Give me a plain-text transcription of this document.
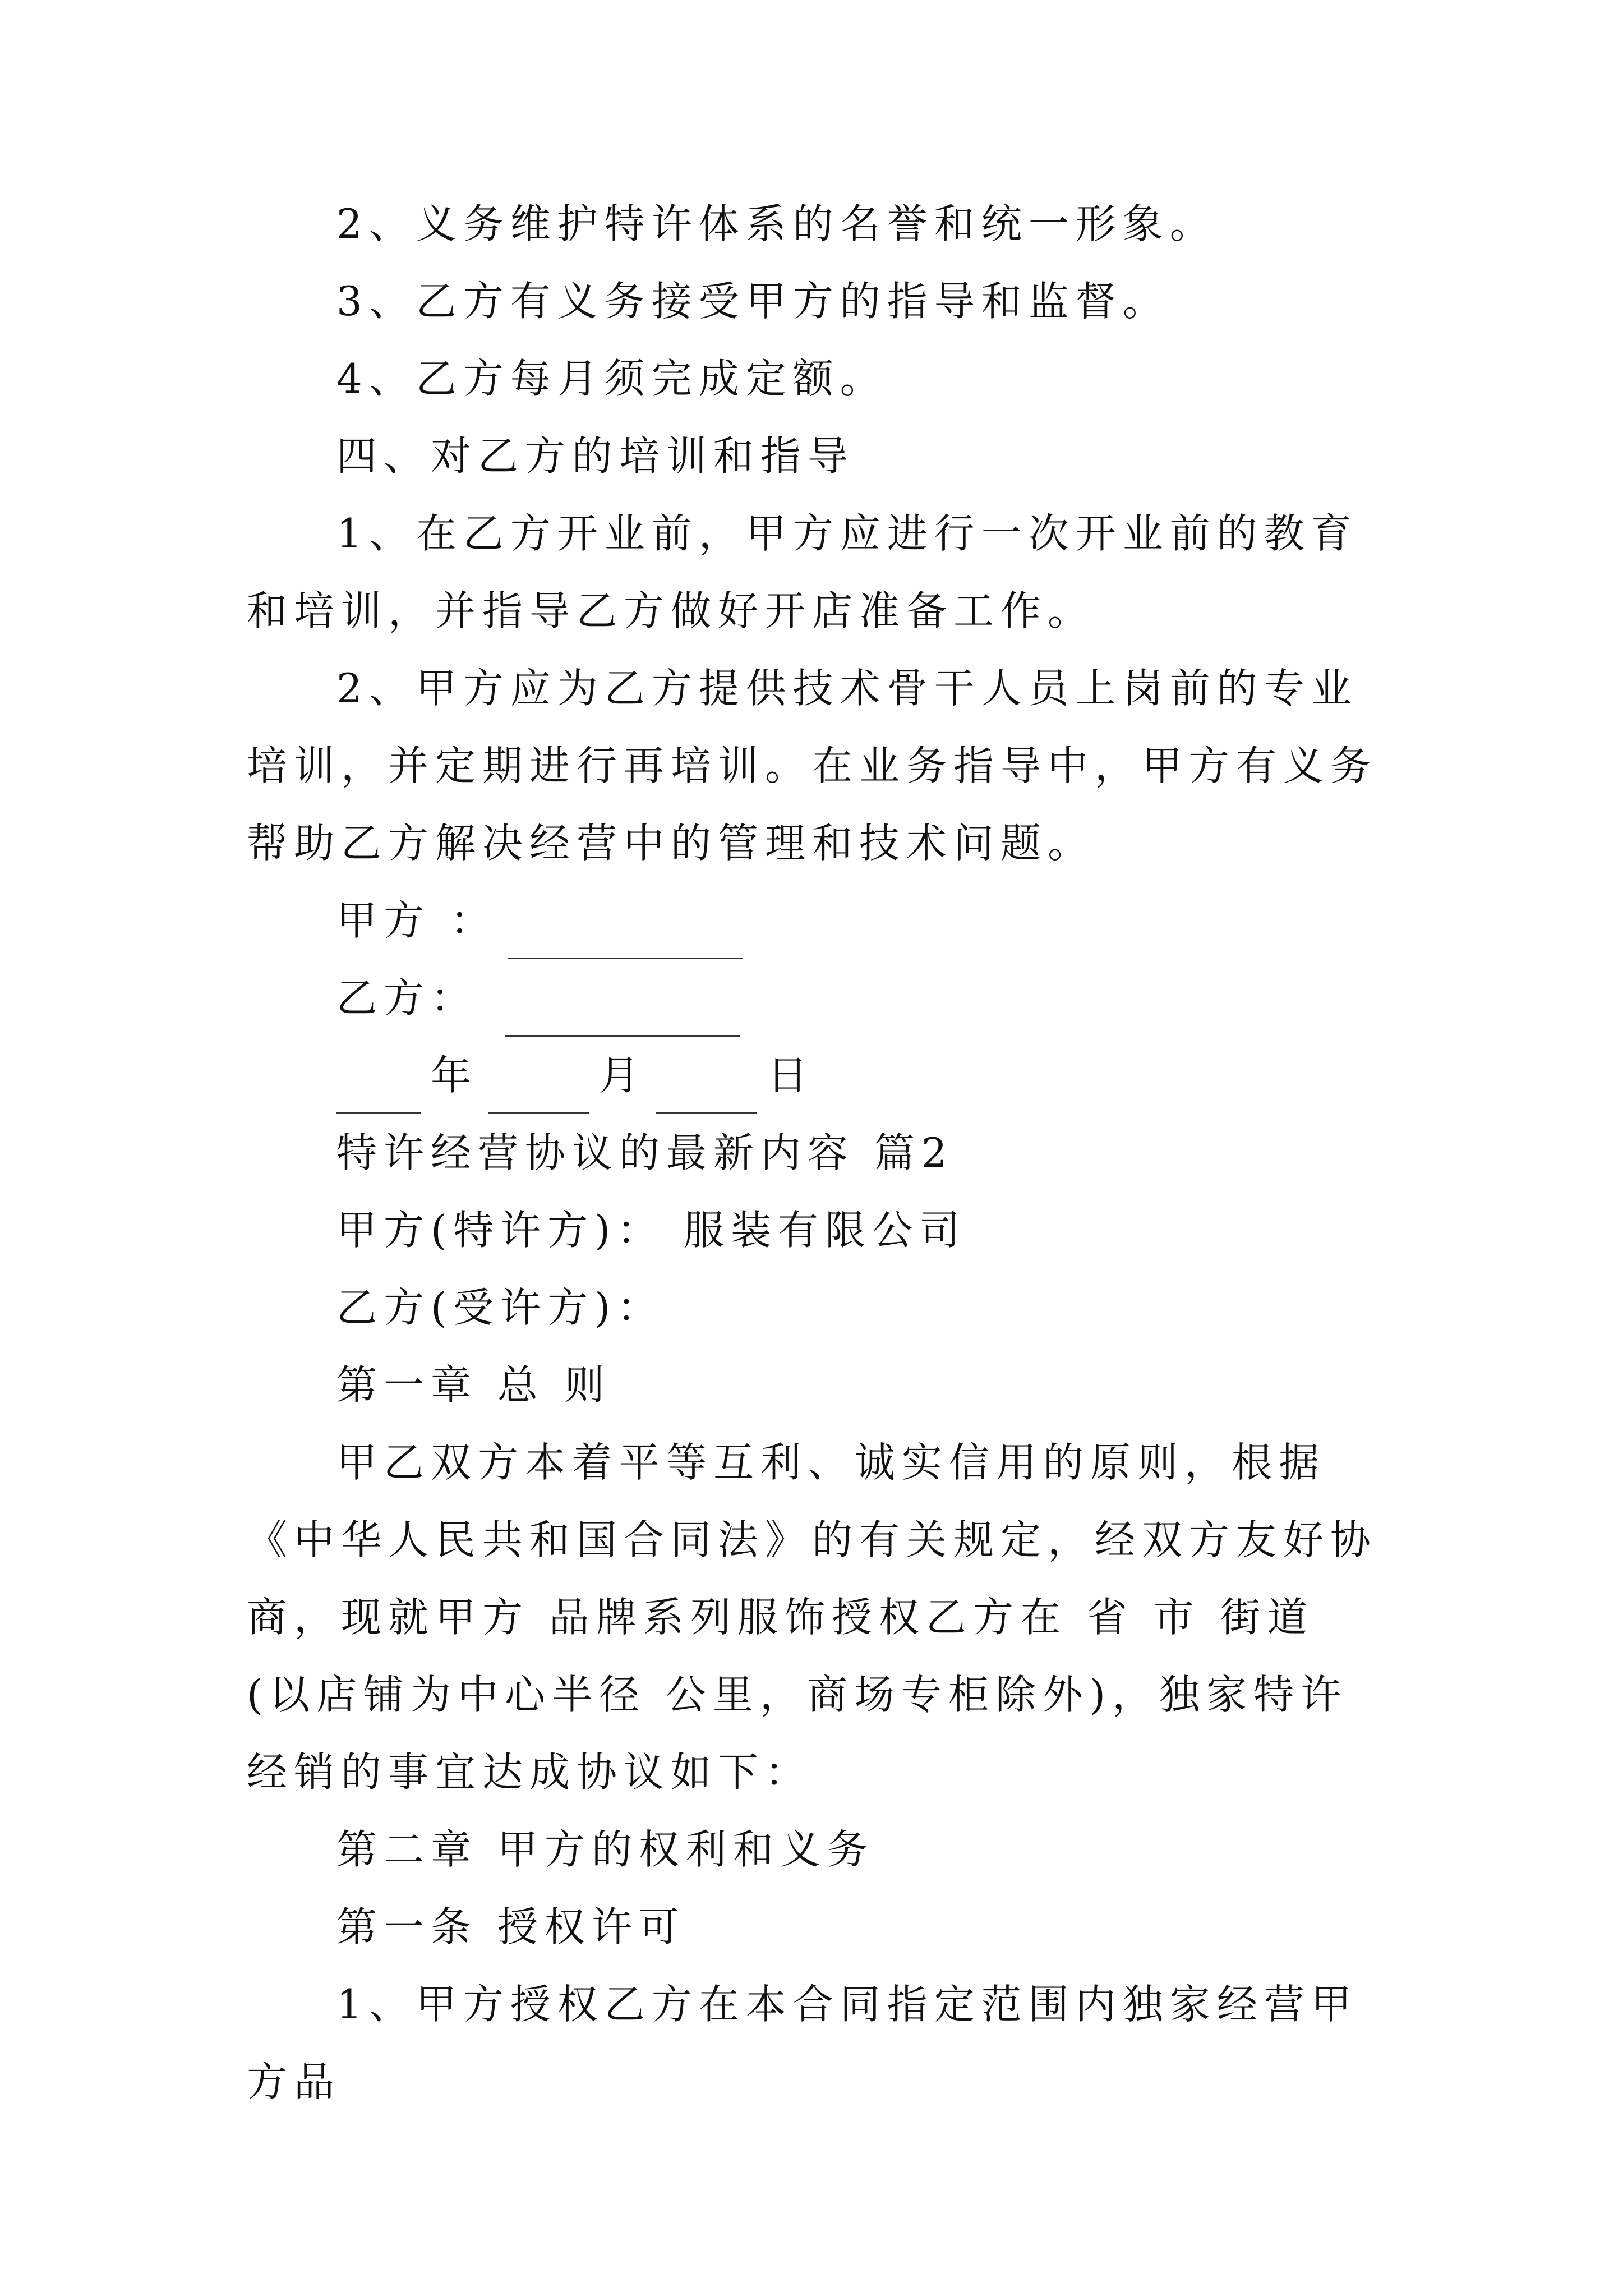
2、义务维护特许体系的名誉和统一形象。

3、乙方有义务接受甲方的指导和监督。

4、乙方每月须完成定额。

四、对乙方的培训和指导

1、在乙方开业前，甲方应进行一次开业前的教育和培训，并指导乙方做好开店准备工作。

2、甲方应为乙方提供技术骨干人员上岗前的专业培训，并定期进行再培训。在业务指导中，甲方有义务帮助乙方解决经营中的管理和技术问题。

甲方 ：
乙方：
年	月	日

特许经营协议的最新内容 篇2

甲方(特许方)： 服装有限公司

乙方(受许方)：

第一章 总 则

甲乙双方本着平等互利、诚实信用的原则，根据《中华人民共和国合同法》的有关规定，经双方友好协商，现就甲方 品牌系列服饰授权乙方在 省 市 街道(以店铺为中心半径 公里，商场专柜除外)，独家特许经销的事宜达成协议如下：

第二章 甲方的权利和义务

第一条 授权许可

1、甲方授权乙方在本合同指定范围内独家经营甲方品
